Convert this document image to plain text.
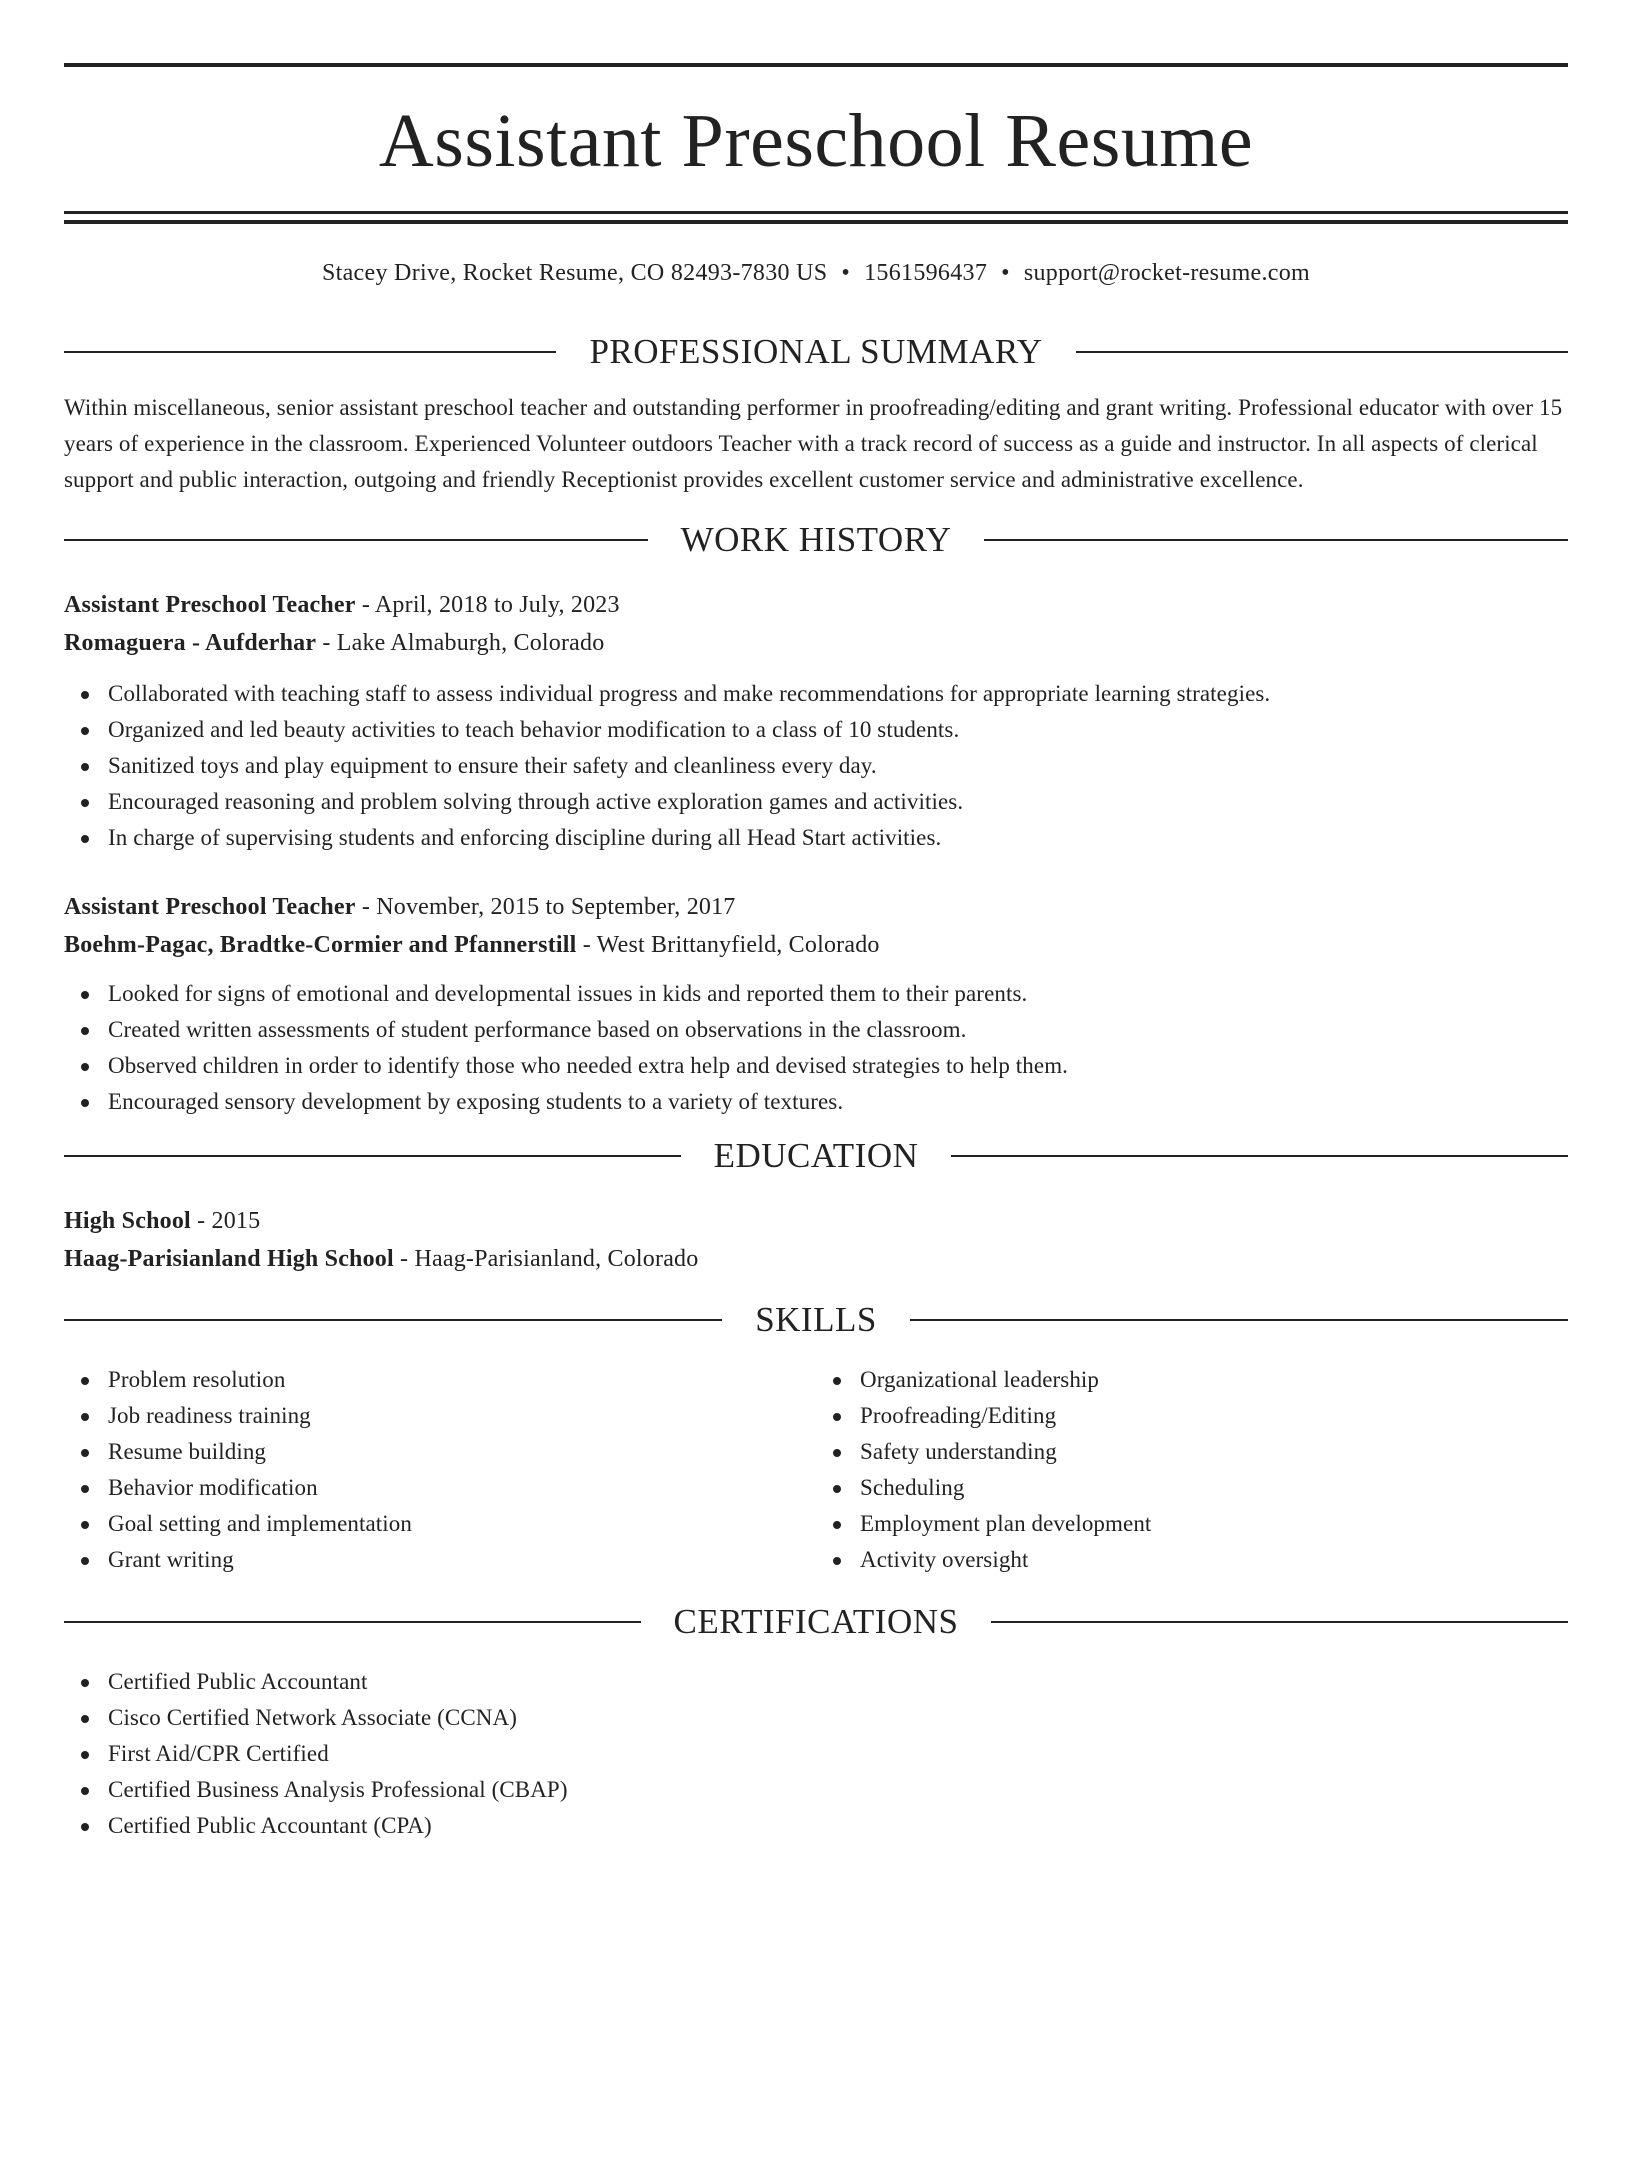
Assistant Preschool Resume
Stacey Drive, Rocket Resume, CO 82493-7830 US • 1561596437 • support@rocket-resume.com
PROFESSIONAL SUMMARY
Within miscellaneous, senior assistant preschool teacher and outstanding performer in proofreading/editing and grant writing. Professional educator with over 15 years of experience in the classroom. Experienced Volunteer outdoors Teacher with a track record of success as a guide and instructor. In all aspects of clerical support and public interaction, outgoing and friendly Receptionist provides excellent customer service and administrative excellence.
WORK HISTORY
Assistant Preschool Teacher - April, 2018 to July, 2023
Romaguera - Aufderhar - Lake Almaburgh, Colorado
Collaborated with teaching staff to assess individual progress and make recommendations for appropriate learning strategies.
Organized and led beauty activities to teach behavior modification to a class of 10 students.
Sanitized toys and play equipment to ensure their safety and cleanliness every day.
Encouraged reasoning and problem solving through active exploration games and activities.
In charge of supervising students and enforcing discipline during all Head Start activities.
Assistant Preschool Teacher - November, 2015 to September, 2017
Boehm-Pagac, Bradtke-Cormier and Pfannerstill - West Brittanyfield, Colorado
Looked for signs of emotional and developmental issues in kids and reported them to their parents.
Created written assessments of student performance based on observations in the classroom.
Observed children in order to identify those who needed extra help and devised strategies to help them.
Encouraged sensory development by exposing students to a variety of textures.
EDUCATION
High School - 2015
Haag-Parisianland High School - Haag-Parisianland, Colorado
SKILLS
Problem resolution
Job readiness training
Resume building
Behavior modification
Goal setting and implementation
Grant writing
Organizational leadership
Proofreading/Editing
Safety understanding
Scheduling
Employment plan development
Activity oversight
CERTIFICATIONS
Certified Public Accountant
Cisco Certified Network Associate (CCNA)
First Aid/CPR Certified
Certified Business Analysis Professional (CBAP)
Certified Public Accountant (CPA)
